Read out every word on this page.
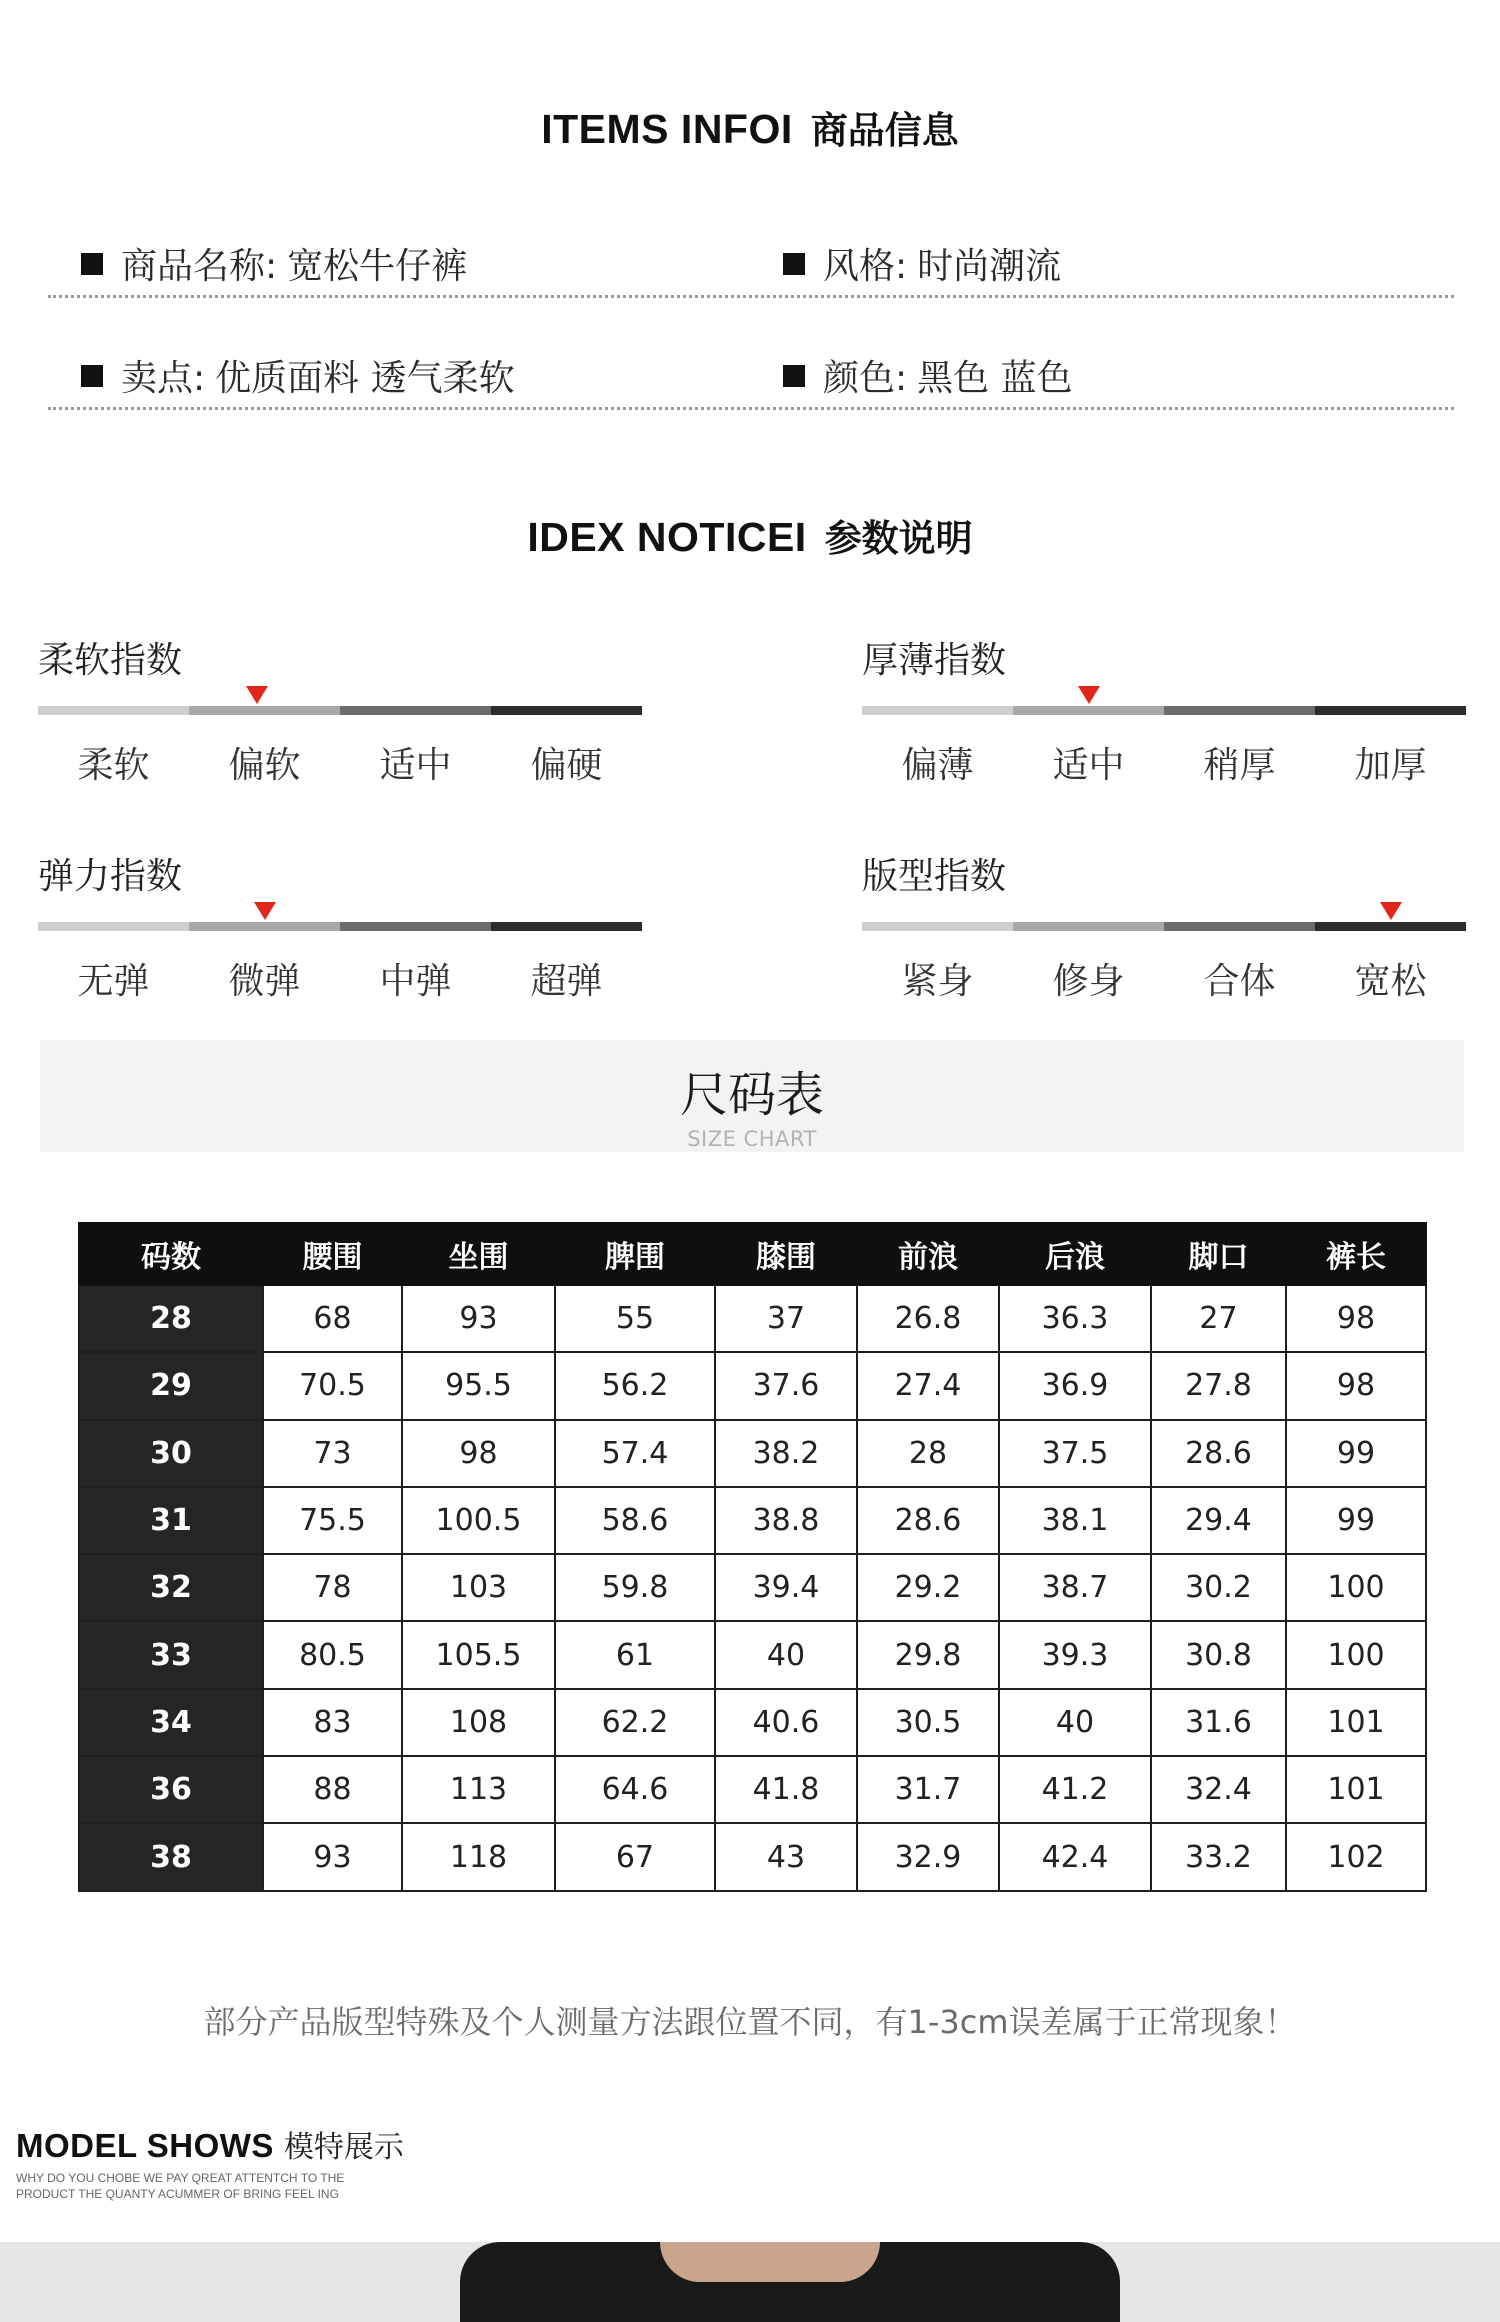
ITEMS INFOI 商品信息
商品名称: 宽松牛仔裤	风格: 时尚潮流
卖点: 优质面料 透气柔软	颜色: 黑色 蓝色
IDEX NOTICEI 参数说明
柔软指数
柔软	偏软	适中	偏硬
厚薄指数
偏薄	适中	稍厚	加厚
弹力指数
无弹	微弹	中弹	超弹
版型指数
紧身	修身	合体	宽松
尺码表
SIZE CHART
码数	腰围	坐围	脾围	膝围	前浪	后浪	脚口	裤长
28	68	93	55	37	26.8	36.3	27	98
29	70.5	95.5	56.2	37.6	27.4	36.9	27.8	98
30	73	98	57.4	38.2	28	37.5	28.6	99
31	75.5	100.5	58.6	38.8	28.6	38.1	29.4	99
32	78	103	59.8	39.4	29.2	38.7	30.2	100
33	80.5	105.5	61	40	29.8	39.3	30.8	100
34	83	108	62.2	40.6	30.5	40	31.6	101
36	88	113	64.6	41.8	31.7	41.2	32.4	101
38	93	118	67	43	32.9	42.4	33.2	102
部分产品版型特殊及个人测量方法跟位置不同，有1-3cm误差属于正常现象！
MODEL SHOWS 模特展示
WHY DO YOU CHOBE WE PAY QREAT ATTENTCH TO THE PRODUCT THE QUANTY ACUMMER OF BRING FEEL ING
